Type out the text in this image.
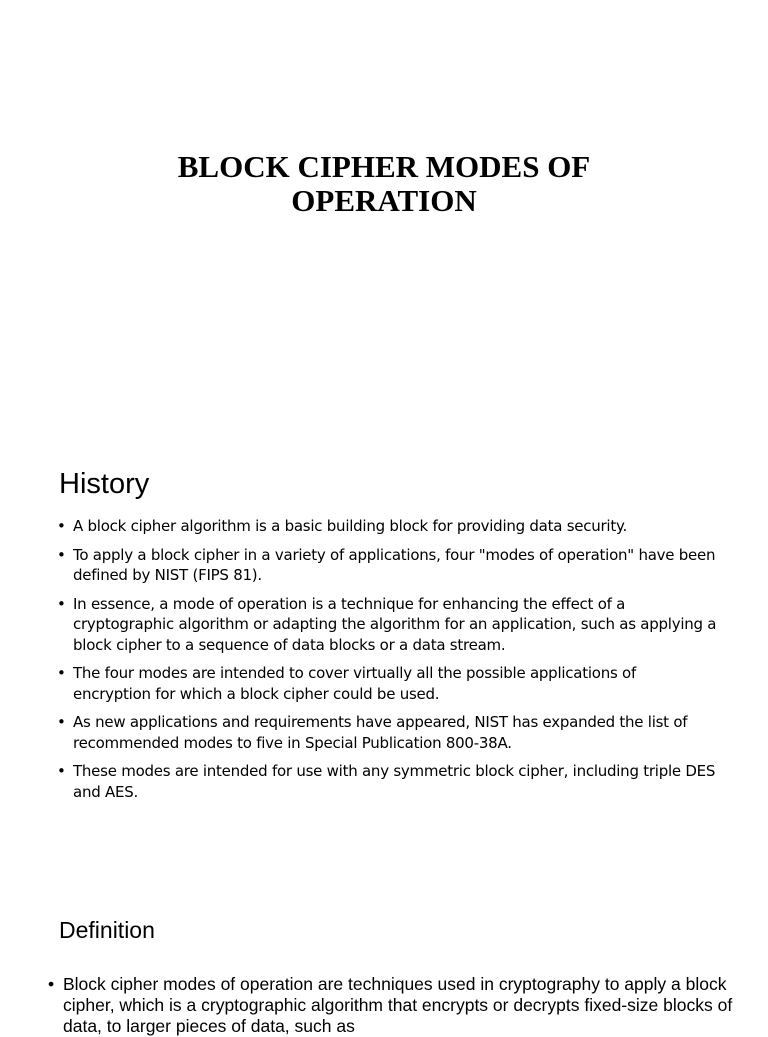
BLOCK CIPHER MODES OF
OPERATION
History
• A block cipher algorithm is a basic building block for providing data security.
• To apply a block cipher in a variety of applications, four "modes of operation" have been defined by NIST (FIPS 81).
• In essence, a mode of operation is a technique for enhancing the effect of a cryptographic algorithm or adapting the algorithm for an application, such as applying a block cipher to a sequence of data blocks or a data stream.
• The four modes are intended to cover virtually all the possible applications of encryption for which a block cipher could be used.
• As new applications and requirements have appeared, NIST has expanded the list of recommended modes to five in Special Publication 800-38A.
• These modes are intended for use with any symmetric block cipher, including triple DES and AES.
Definition
• Block cipher modes of operation are techniques used in cryptography to apply a block cipher, which is a cryptographic algorithm that encrypts or decrypts fixed-size blocks of data, to larger pieces of data, such as
